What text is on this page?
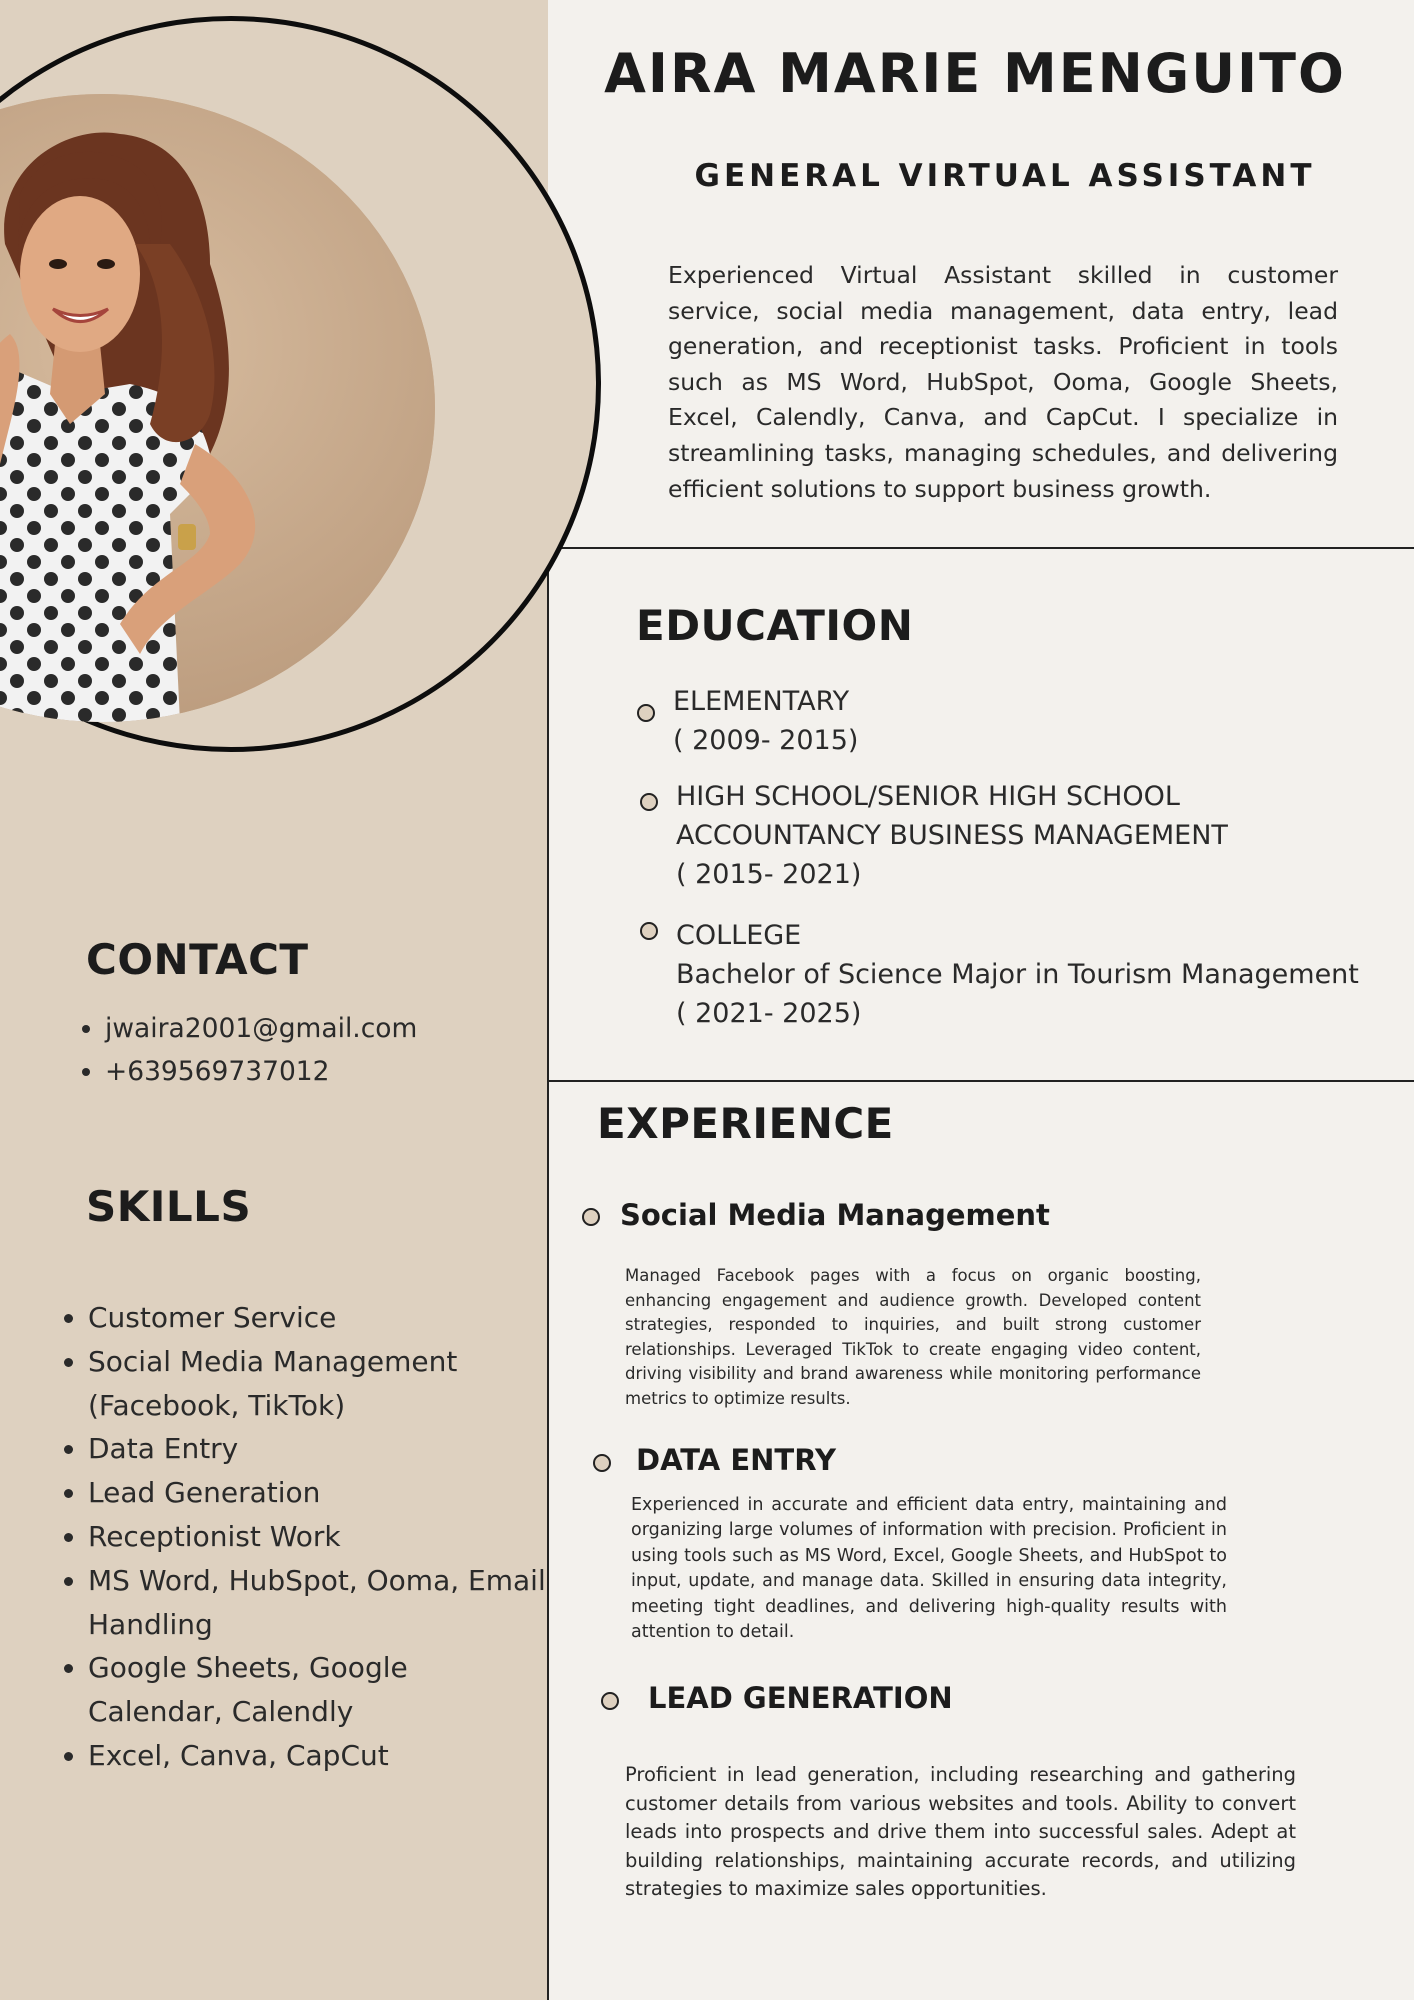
AIRA MARIE MENGUITO
GENERAL VIRTUAL ASSISTANT
Experienced Virtual Assistant skilled in customer service, social media management, data entry, lead generation, and receptionist tasks. Proficient in tools such as MS Word, HubSpot, Ooma, Google Sheets, Excel, Calendly, Canva, and CapCut. I specialize in streamlining tasks, managing schedules, and delivering efficient solutions to support business growth.
EDUCATION
ELEMENTARY
( 2009- 2015)
HIGH SCHOOL/SENIOR HIGH SCHOOL
ACCOUNTANCY BUSINESS MANAGEMENT
( 2015- 2021)
COLLEGE
Bachelor of Science Major in Tourism Management
( 2021- 2025)
CONTACT
• jwaira2001@gmail.com
• +639569737012
SKILLS
• Customer Service
• Social Media Management (Facebook, TikTok)
• Data Entry
• Lead Generation
• Receptionist Work
• MS Word, HubSpot, Ooma, Email Handling
• Google Sheets, Google Calendar, Calendly
• Excel, Canva, CapCut
EXPERIENCE
Social Media Management
Managed Facebook pages with a focus on organic boosting, enhancing engagement and audience growth. Developed content strategies, responded to inquiries, and built strong customer relationships. Leveraged TikTok to create engaging video content, driving visibility and brand awareness while monitoring performance metrics to optimize results.
DATA ENTRY
Experienced in accurate and efficient data entry, maintaining and organizing large volumes of information with precision. Proficient in using tools such as MS Word, Excel, Google Sheets, and HubSpot to input, update, and manage data. Skilled in ensuring data integrity, meeting tight deadlines, and delivering high-quality results with attention to detail.
LEAD GENERATION
Proficient in lead generation, including researching and gathering customer details from various websites and tools. Ability to convert leads into prospects and drive them into successful sales. Adept at building relationships, maintaining accurate records, and utilizing strategies to maximize sales opportunities.
